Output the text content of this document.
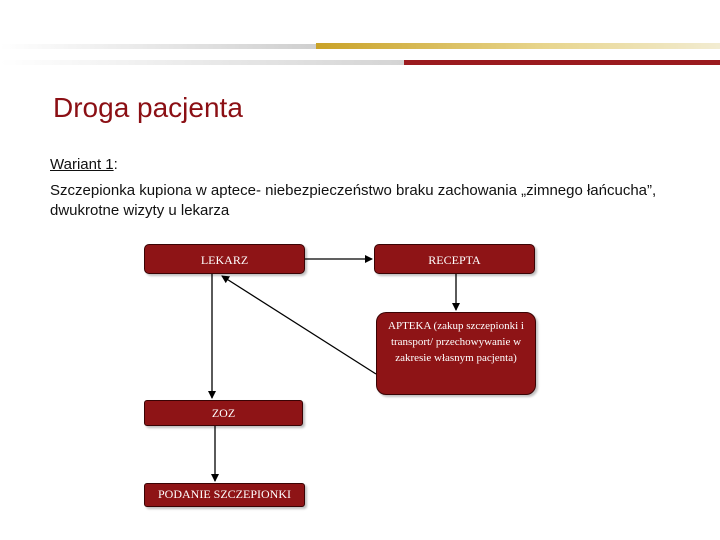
Droga pacjenta
Wariant 1:
Szczepionka kupiona w aptece- niebezpieczeństwo braku zachowania „zimnego łańcucha”, dwukrotne wizyty u lekarza
LEKARZ	RECEPTA
APTEKA (zakup szczepionki i transport/ przechowywanie w zakresie własnym pacjenta)
ZOZ
PODANIE SZCZEPIONKI
